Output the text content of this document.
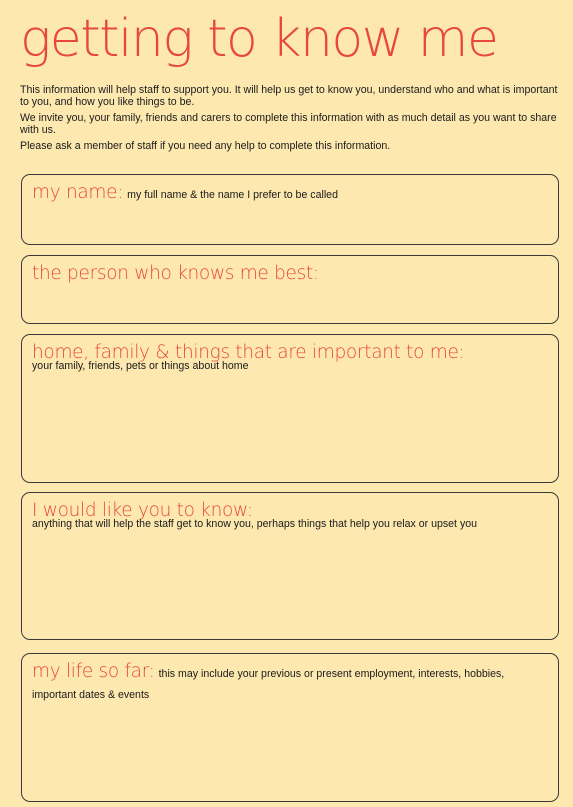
getting to know me

This information will help staff to support you. It will help us get to know you, understand who and what is important to you, and how you like things to be.

We invite you, your family, friends and carers to complete this information with as much detail as you want to share with us.

Please ask a member of staff if you need any help to complete this information.

my name: my full name & the name I prefer to be called
the person who knows me best:
home, family & things that are important to me:
your family, friends, pets or things about home
I would like you to know:
anything that will help the staff get to know you, perhaps things that help you relax or upset you
my life so far: this may include your previous or present employment, interests, hobbies, important dates & events
